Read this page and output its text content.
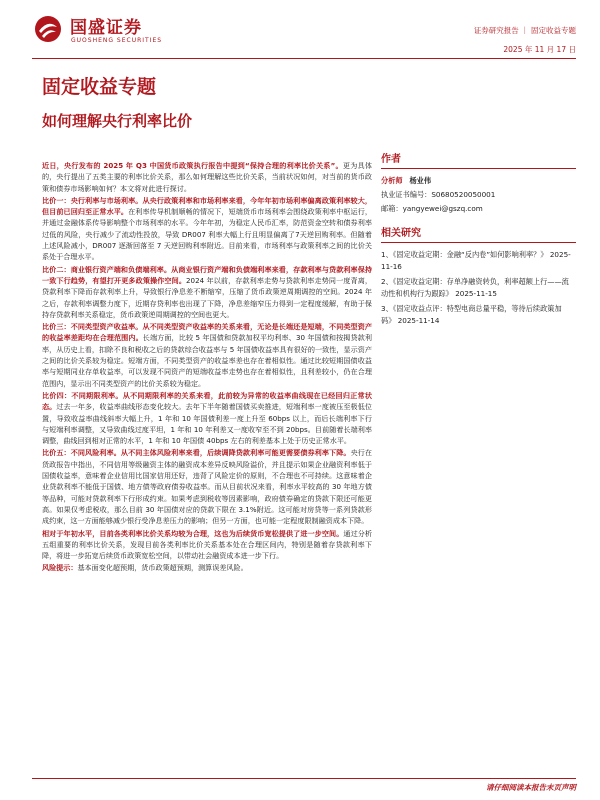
国盛证券
GUOSHENG SECURITIES
证券研究报告 ｜ 固定收益专题
2025 年 11 月 17 日
固定收益专题
如何理解央行利率比价

近日，央行发布的 2025 年 Q3 中国货币政策执行报告中提到“保持合理的利率比价关系”。更为具体的，央行提出了五类主要的利率比价关系，那么如何理解这些比价关系，当前状况如何，对当前的货币政策和债券市场影响如何？本文将对此进行探讨。

比价一：央行利率与市场利率。从央行政策利率和市场利率来看，今年年初市场利率偏离政策利率较大，但目前已回归至正常水平。在利率传导机制顺畅的情况下，短端货币市场利率会围绕政策利率中枢运行，并通过金融体系传导影响整个市场利率的水平。今年年初，为稳定人民币汇率，防范资金空转和债券利率过低的风险，央行减少了流动性投放，导致 DR007 利率大幅上行且明显偏离了7天逆回购利率。但随着上述风险减小，DR007 逐渐回落至 7 天逆回购利率附近。目前来看，市场利率与政策利率之间的比价关系处于合理水平。

比价二：商业银行资产端和负债端利率。从商业银行资产端和负债端利率来看，存款利率与贷款利率保持一致下行趋势，有望打开更多政策操作空间。2024 年以前，存款利率走势与贷款利率走势同一度背离，贷款利率下降而存款利率上升，导致银行净息差不断缩窄，压缩了货币政策逆周期调控的空间。2024 年之后，存款利率调整力度下，近期存贷利率也出现了下降，净息差缩窄压力得到一定程度缓解，有助于保持存贷款利率关系稳定，货币政策逆周期调控的空间也更大。

比价三：不同类型资产收益率。从不同类型资产收益率的关系来看，无论是长端还是短端，不同类型资产的收益率差距均在合理范围内。长端方面，比较 5 年国债和贷款加权平均利率、30 年国债和按揭贷款利率，从历史上看，扣除不良和税收之后的贷款综合收益率与 5 年国债收益率具有很好的一致性，显示资产之间的比价关系较为稳定。短端方面，不同类型资产的收益率差也存在着相似性。通过比较短期国债收益率与短期同业存单收益率，可以发现不同资产的短端收益率走势也存在着相似性，且利差较小，仍在合理范围内，显示出不同类型资产的比价关系较为稳定。

比价四：不同期限利率。从不同期限利率的关系来看，此前较为异常的收益率曲线现在已经回归正常状态。过去一年多，收益率曲线形态变化较大。去年下半年随着国债买卖推进，短端利率一度被压至极低位置，导致收益率曲线斜率大幅上升，1 年和 10 年国债利差一度上升至 60bps 以上，而后长端利率下行与短端利率调整，又导致曲线过度平坦，1 年和 10 年利差又一度收窄至不到 20bps。目前随着长端利率调整，曲线回到相对正常的水平，1 年和 10 年国债 40bps 左右的利差基本上处于历史正常水平。

比价五：不同风险利率。从不同主体风险利率来看，后续调降贷款利率可能更需要债券利率下降。央行在货政报告中指出，不同信用等级融资主体的融资成本差异反映风险溢价，并且提示如果企业融资利率低于国债收益率，意味着企业信用比国家信用还好，违背了风险定价的原则，不合理也不可持续。这意味着企业贷款利率不能低于国债、地方债等政府债券收益率。而从目前状况来看，利率水平较高的 30 年地方债等品种，可能对贷款利率下行形成约束。如果考虑到税收等因素影响，政府债券确定的贷款下限还可能更高。如果仅考虑税收，那么目前 30 年国债对应的贷款下限在 3.1%附近。这可能对房贷等一系列贷款形成约束，这一方面能够减少银行受净息差压力的影响；但另一方面，也可能一定程度限制融资成本下降。

相对于年初水平，目前各类利率比价关系均较为合理，这也为后续货币宽松提供了进一步空间。通过分析五组重要的利率比价关系，发现目前各类利率比价关系基本处在合理区间内，特别是随着存贷款利率下降，将进一步拓宽后续货币政策宽松空间，以带动社会融资成本进一步下行。

风险提示：基本面变化超预期，货币政策超预期，测算误差风险。

作者
分析师 杨业伟
执业证书编号：S0680520050001
邮箱：yangyewei@gszq.com
相关研究
1、《固定收益定期：金融“反内卷”如何影响利率？》 2025-11-16
2、《固定收益定期：存单净融资转负，利率超额上行——流动性和机构行为跟踪》 2025-11-15
3、《固定收益点评：特型电商总量平稳，等待后续政策加码》 2025-11-14
请仔细阅读本报告末页声明
